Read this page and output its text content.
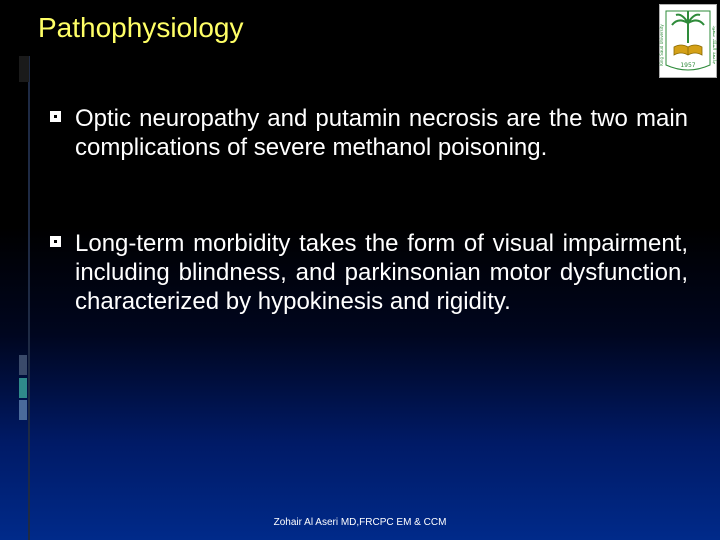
Pathophysiology
1957
جامعة الملك سعود
King Saud University
Optic neuropathy and putamin necrosis are the two main complications of severe methanol poisoning.
Long-term morbidity takes the form of visual impairment, including blindness, and parkinsonian motor dysfunction, characterized by hypokinesis and rigidity.
Zohair Al Aseri MD,FRCPC EM & CCM
